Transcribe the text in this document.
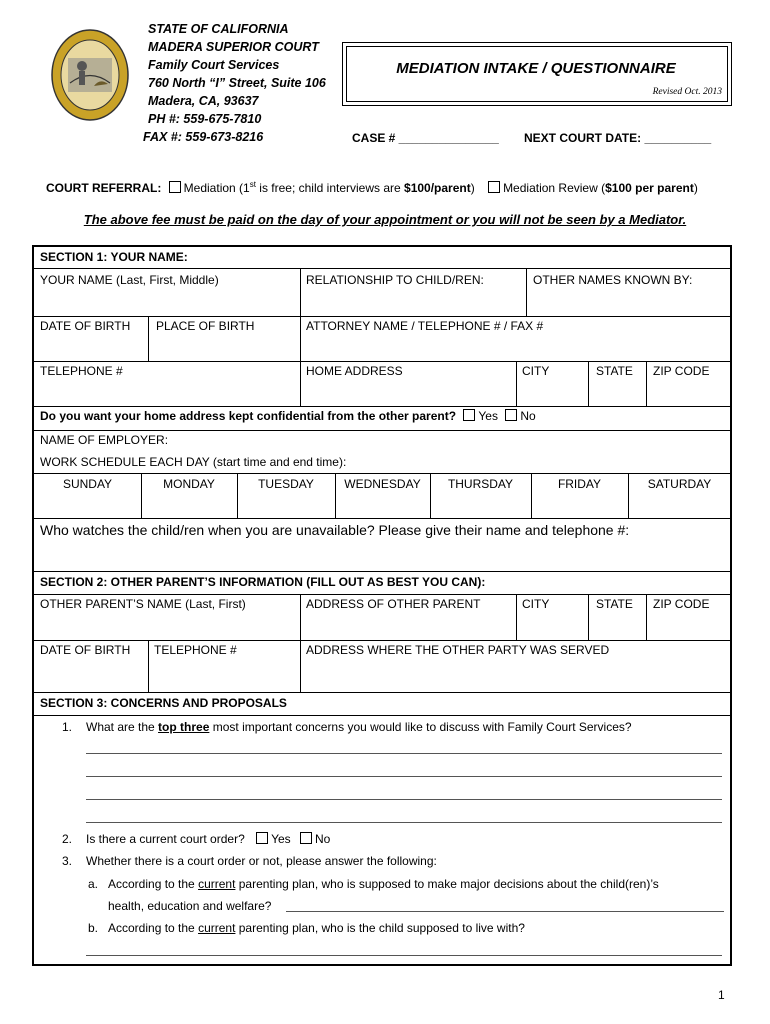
STATE OF CALIFORNIA
MADERA SUPERIOR COURT
Family Court Services
760 North “I” Street, Suite 106
Madera, CA, 93637
PH #: 559-675-7810
FAX #: 559-673-8216
MEDIATION INTAKE / QUESTIONNAIRE
Revised Oct. 2013
CASE # _______________ NEXT COURT DATE: __________
COURT REFERRAL: Mediation (1st is free; child interviews are $100/parent) Mediation Review ($100 per parent)
The above fee must be paid on the day of your appointment or you will not be seen by a Mediator.
SECTION 1: YOUR NAME:
YOUR NAME (Last, First, Middle)	RELATIONSHIP TO CHILD/REN:	OTHER NAMES KNOWN BY:
DATE OF BIRTH PLACE OF BIRTH	ATTORNEY NAME / TELEPHONE # / FAX #
TELEPHONE #	HOME ADDRESS	CITY	STATE ZIP CODE
Do you want your home address kept confidential from the other parent? Yes No
NAME OF EMPLOYER:
WORK SCHEDULE EACH DAY (start time and end time):
SUNDAY	MONDAY	TUESDAY	WEDNESDAY	THURSDAY	FRIDAY	SATURDAY
Who watches the child/ren when you are unavailable? Please give their name and telephone #:
SECTION 2: OTHER PARENT’S INFORMATION (FILL OUT AS BEST YOU CAN):
OTHER PARENT’S NAME (Last, First)	ADDRESS OF OTHER PARENT	CITY	STATE ZIP CODE
DATE OF BIRTH TELEPHONE #	ADDRESS WHERE THE OTHER PARTY WAS SERVED
SECTION 3: CONCERNS AND PROPOSALS
1. What are the top three most important concerns you would like to discuss with Family Court Services?
2. Is there a current court order? Yes No
3. Whether there is a court order or not, please answer the following:
a. According to the current parenting plan, who is supposed to make major decisions about the child(ren)’s
health, education and welfare?
b. According to the current parenting plan, who is the child supposed to live with?
1
